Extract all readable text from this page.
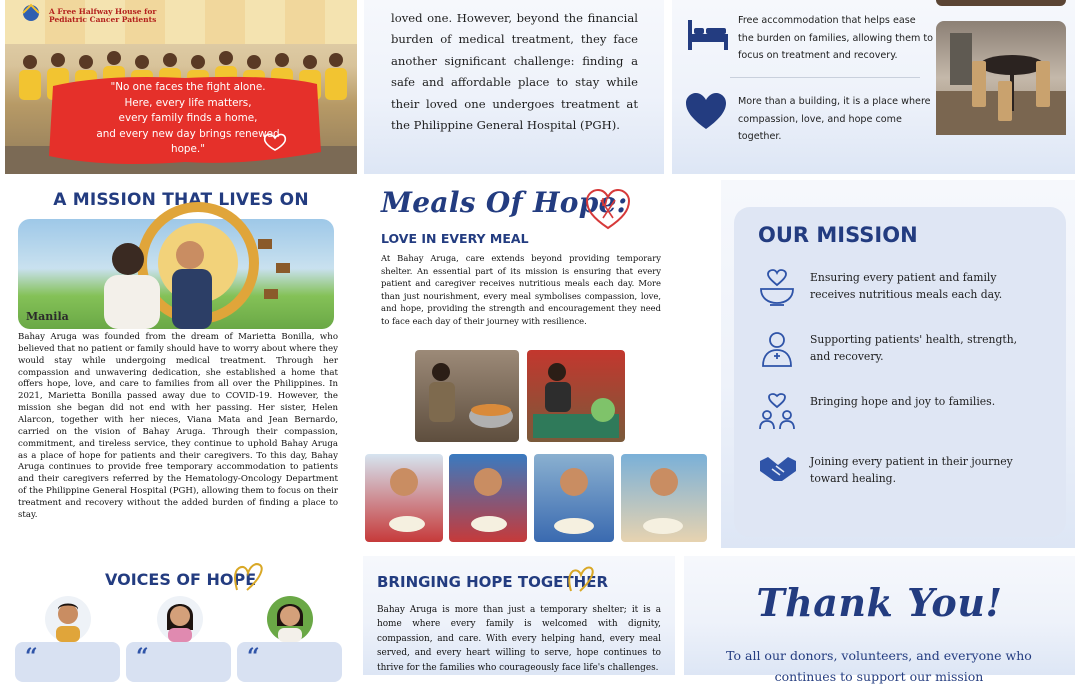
A Free Halfway House for Pediatric Cancer Patients
"No one faces the fight alone.
Here, every life matters,
every family finds a home,
and every new day brings renewed hope."

loved one. However, beyond the financial burden of medical treatment, they face another significant challenge: finding a safe and affordable place to stay while their loved one undergoes treatment at the Philippine General Hospital (PGH).

Free accommodation that helps ease the burden on families, allowing them to focus on treatment and recovery.
More than a building, it is a place where compassion, love, and hope come together.
A MISSION THAT LIVES ON
Manila

Bahay Aruga was founded from the dream of Marietta Bonilla, who believed that no patient or family should have to worry about where they would stay while undergoing medical treatment. Through her compassion and unwavering dedication, she established a home that offers hope, love, and care to families from all over the Philippines. In 2021, Marietta Bonilla passed away due to COVID-19. However, the mission she began did not end with her passing. Her sister, Helen Alarcon, together with her nieces, Viana Mata and Jean Bernardo, carried on the vision of Bahay Aruga. Through their compassion, commitment, and tireless service, they continue to uphold Bahay Aruga as a place of hope for patients and their caregivers. To this day, Bahay Aruga continues to provide free temporary accommodation to patients and their caregivers referred by the Hematology-Oncology Department of the Philippine General Hospital (PGH), allowing them to focus on their treatment and recovery without the added burden of finding a place to stay.

Meals Of Hope:
LOVE IN EVERY MEAL

At Bahay Aruga, care extends beyond providing temporary shelter. An essential part of its mission is ensuring that every patient and caregiver receives nutritious meals each day. More than just nourishment, every meal symbolises compassion, love, and hope, providing the strength and encouragement they need to face each day of their journey with resilience.

OUR MISSION
Ensuring every patient and family receives nutritious meals each day.
Supporting patients' health, strength, and recovery.
Bringing hope and joy to families.
Joining every patient in their journey toward healing.
VOICES OF HOPE
“	“	“
BRINGING HOPE TOGETHER

Bahay Aruga is more than just a temporary shelter; it is a home where every family is welcomed with dignity, compassion, and care. With every helping hand, every meal served, and every heart willing to serve, hope continues to thrive for the families who courageously face life's challenges.

Thank You!

To all our donors, volunteers, and everyone who continues to support our mission
